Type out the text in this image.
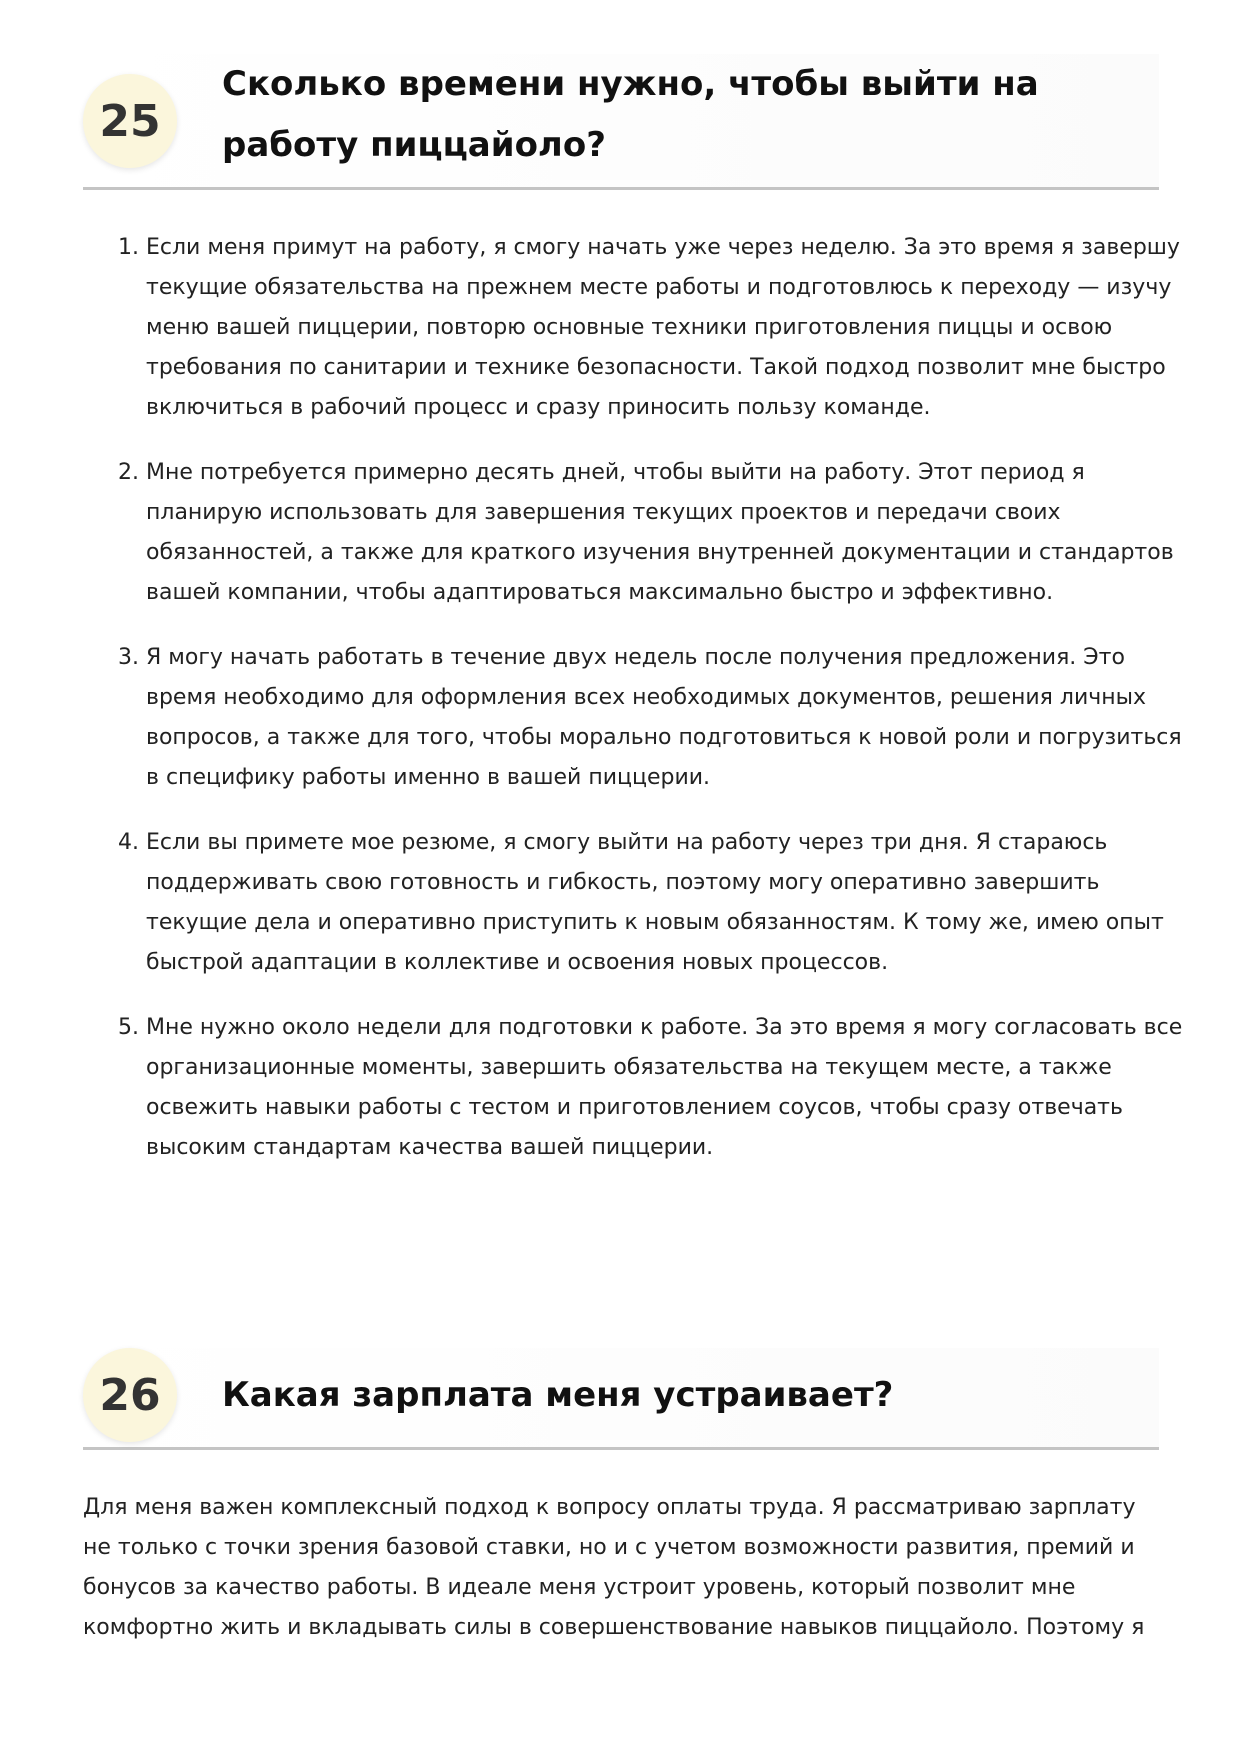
25
Сколько времени нужно, чтобы выйти на работу пиццайоло?
1. Если меня примут на работу, я смогу начать уже через неделю. За это время я завершу текущие обязательства на прежнем месте работы и подготовлюсь к переходу — изучу меню вашей пиццерии, повторю основные техники приготовления пиццы и освою требования по санитарии и технике безопасности. Такой подход позволит мне быстро включиться в рабочий процесс и сразу приносить пользу команде.
2. Мне потребуется примерно десять дней, чтобы выйти на работу. Этот период я планирую использовать для завершения текущих проектов и передачи своих обязанностей, а также для краткого изучения внутренней документации и стандартов вашей компании, чтобы адаптироваться максимально быстро и эффективно.
3. Я могу начать работать в течение двух недель после получения предложения. Это время необходимо для оформления всех необходимых документов, решения личных вопросов, а также для того, чтобы морально подготовиться к новой роли и погрузиться в специфику работы именно в вашей пиццерии.
4. Если вы примете мое резюме, я смогу выйти на работу через три дня. Я стараюсь поддерживать свою готовность и гибкость, поэтому могу оперативно завершить текущие дела и оперативно приступить к новым обязанностям. К тому же, имею опыт быстрой адаптации в коллективе и освоения новых процессов.
5. Мне нужно около недели для подготовки к работе. За это время я могу согласовать все организационные моменты, завершить обязательства на текущем месте, а также освежить навыки работы с тестом и приготовлением соусов, чтобы сразу отвечать высоким стандартам качества вашей пиццерии.
26	Какая зарплата меня устраивает?

Для меня важен комплексный подход к вопросу оплаты труда. Я рассматриваю зарплату не только с точки зрения базовой ставки, но и с учетом возможности развития, премий и бонусов за качество работы. В идеале меня устроит уровень, который позволит мне комфортно жить и вкладывать силы в совершенствование навыков пиццайоло. Поэтому я
